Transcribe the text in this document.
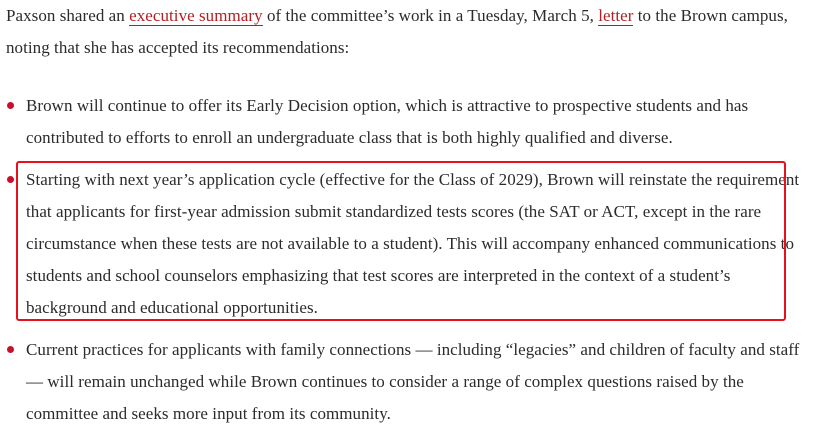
Paxson shared an executive summary of the committee’s work in a Tuesday, March 5, letter to the Brown campus, noting that she has accepted its recommendations:

Brown will continue to offer its Early Decision option, which is attractive to prospective students and has contributed to efforts to enroll an undergraduate class that is both highly qualified and diverse.
Starting with next year’s application cycle (effective for the Class of 2029), Brown will reinstate the requirement that applicants for first-year admission submit standardized tests scores (the SAT or ACT, except in the rare circumstance when these tests are not available to a student). This will accompany enhanced communications to students and school counselors emphasizing that test scores are interpreted in the context of a student’s background and educational opportunities.
Current practices for applicants with family connections — including “legacies” and children of faculty and staff — will remain unchanged while Brown continues to consider a range of complex questions raised by the committee and seeks more input from its community.
